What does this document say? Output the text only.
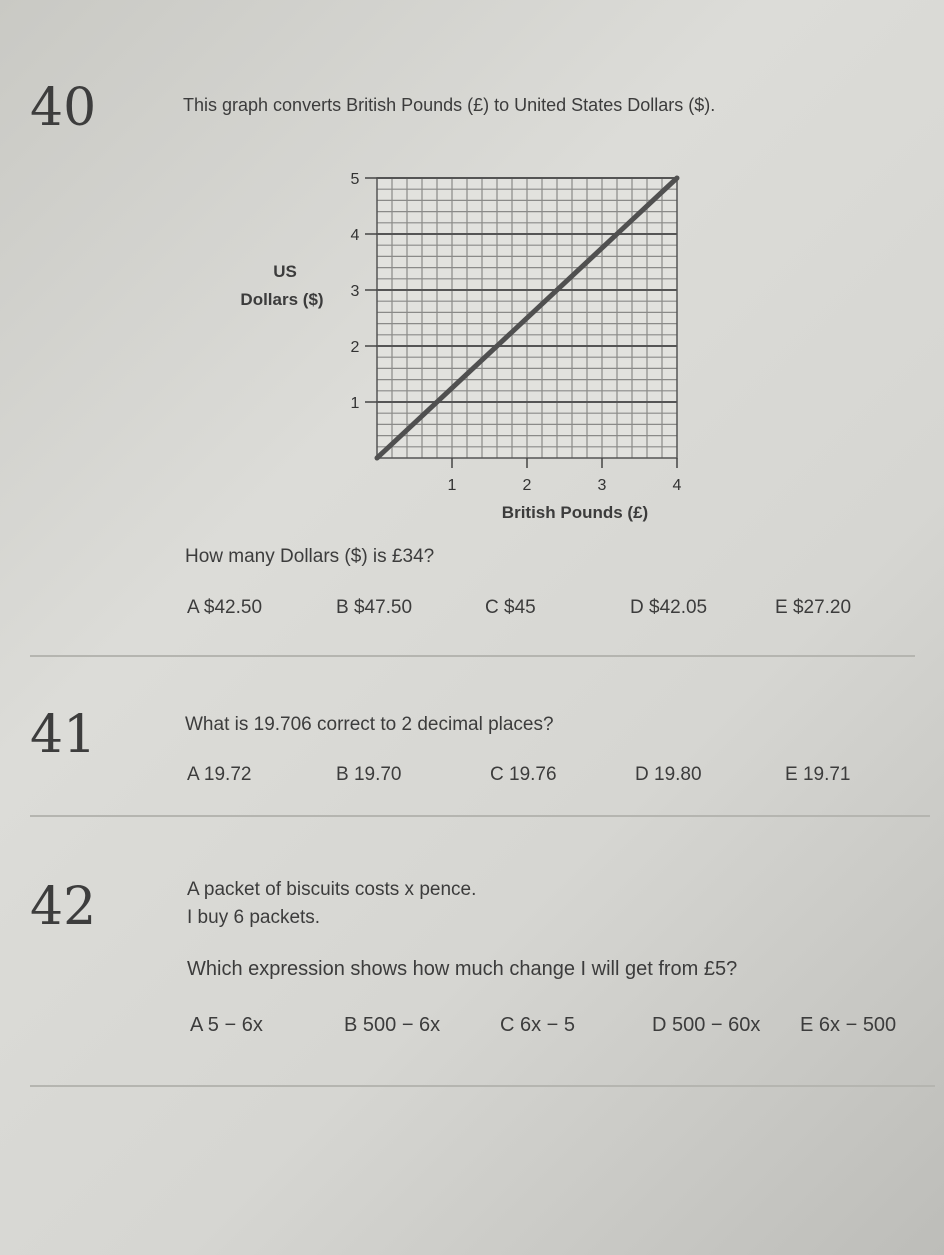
40	This graph converts British Pounds (£) to United States Dollars ($).
1
2
3
4
5
1	2	3	4
US
Dollars ($)
British Pounds (£)
How many Dollars ($) is £34?
A $42.50	B $47.50	C $45	D $42.05	E $27.20
41	What is 19.706 correct to 2 decimal places?
A 19.72	B 19.70	C 19.76	D 19.80	E 19.71
42	A packet of biscuits costs x pence.
I buy 6 packets.
Which expression shows how much change I will get from £5?
A 5 − 6x	B 500 − 6x	C 6x − 5	D 500 − 60x E 6x − 500
